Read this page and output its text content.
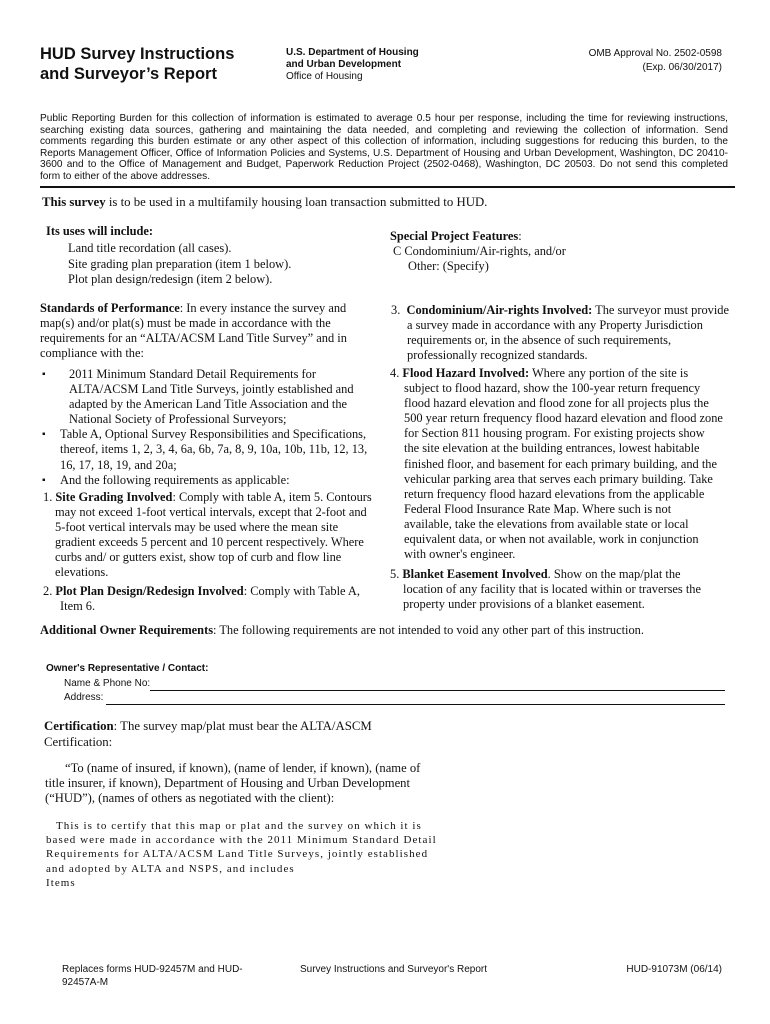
HUD Survey Instructions
and Surveyor’s Report
U.S. Department of Housing
and Urban Development
Office of Housing
OMB Approval No. 2502-0598
(Exp. 06/30/2017)
Public Reporting Burden for this collection of information is estimated to average 0.5 hour per response, including the time for reviewing instructions,
searching existing data sources, gathering and maintaining the data needed, and completing and reviewing the collection of information. Send
comments regarding this burden estimate or any other aspect of this collection of information, including suggestions for reducing this burden, to the
Reports Management Officer, Office of Information Policies and Systems, U.S. Department of Housing and Urban Development, Washington, DC 20410-
3600 and to the Office of Management and Budget, Paperwork Reduction Project (2502-0468), Washington, DC 20503. Do not send this completed
form to either of the above addresses.
This survey is to be used in a multifamily housing loan transaction submitted to HUD.
Its uses will include:
Land title recordation (all cases).
Site grading plan preparation (item 1 below).
Plot plan design/redesign (item 2 below).
Special Project Features:
C Condominium/Air-rights, and/or
Other: (Specify)
Standards of Performance: In every instance the survey and
map(s) and/or plat(s) must be made in accordance with the
requirements for an “ALTA/ACSM Land Title Survey” and in
compliance with the:
▪ 2011 Minimum Standard Detail Requirements for
ALTA/ACSM Land Title Surveys, jointly established and
adapted by the American Land Title Association and the
National Society of Professional Surveyors;
▪ Table A, Optional Survey Responsibilities and Specifications,
thereof, items 1, 2, 3, 4, 6a, 6b, 7a, 8, 9, 10a, 10b, 11b, 12, 13,
16, 17, 18, 19, and 20a;
▪ And the following requirements as applicable:
1. Site Grading Involved: Comply with table A, item 5. Contours
may not exceed 1-foot vertical intervals, except that 2-foot and
5-foot vertical intervals may be used where the mean site
gradient exceeds 5 percent and 10 percent respectively. Where
curbs and/ or gutters exist, show top of curb and flow line
elevations.
2. Plot Plan Design/Redesign Involved: Comply with Table A,
Item 6.
3. Condominium/Air-rights Involved: The surveyor must provide
a survey made in accordance with any Property Jurisdiction
requirements or, in the absence of such requirements,
professionally recognized standards.
4. Flood Hazard Involved: Where any portion of the site is
subject to flood hazard, show the 100-year return frequency
flood hazard elevation and flood zone for all projects plus the
500 year return frequency flood hazard elevation and flood zone
for Section 811 housing program. For existing projects show
the site elevation at the building entrances, lowest habitable
finished floor, and basement for each primary building, and the
vehicular parking area that serves each primary building. Take
return frequency flood hazard elevations from the applicable
Federal Flood Insurance Rate Map. Where such is not
available, take the elevations from available state or local
equivalent data, or when not available, work in conjunction
with owner's engineer.
5. Blanket Easement Involved. Show on the map/plat the
location of any facility that is located within or traverses the
property under provisions of a blanket easement.
Additional Owner Requirements: The following requirements are not intended to void any other part of this instruction.
Owner's Representative / Contact:
Name & Phone No:
Address:
Certification: The survey map/plat must bear the ALTA/ASCM
Certification:
“To (name of insured, if known), (name of lender, if known), (name of
title insurer, if known), Department of Housing and Urban Development
(“HUD”), (names of others as negotiated with the client):
This is to certify that this map or plat and the survey on which it is
based were made in accordance with the 2011 Minimum Standard Detail
Requirements for ALTA/ACSM Land Title Surveys, jointly established
and adopted by ALTA and NSPS, and includes
Items
Replaces forms HUD-92457M and HUD-
92457A-M
Survey Instructions and Surveyor's Report	HUD-91073M (06/14)
